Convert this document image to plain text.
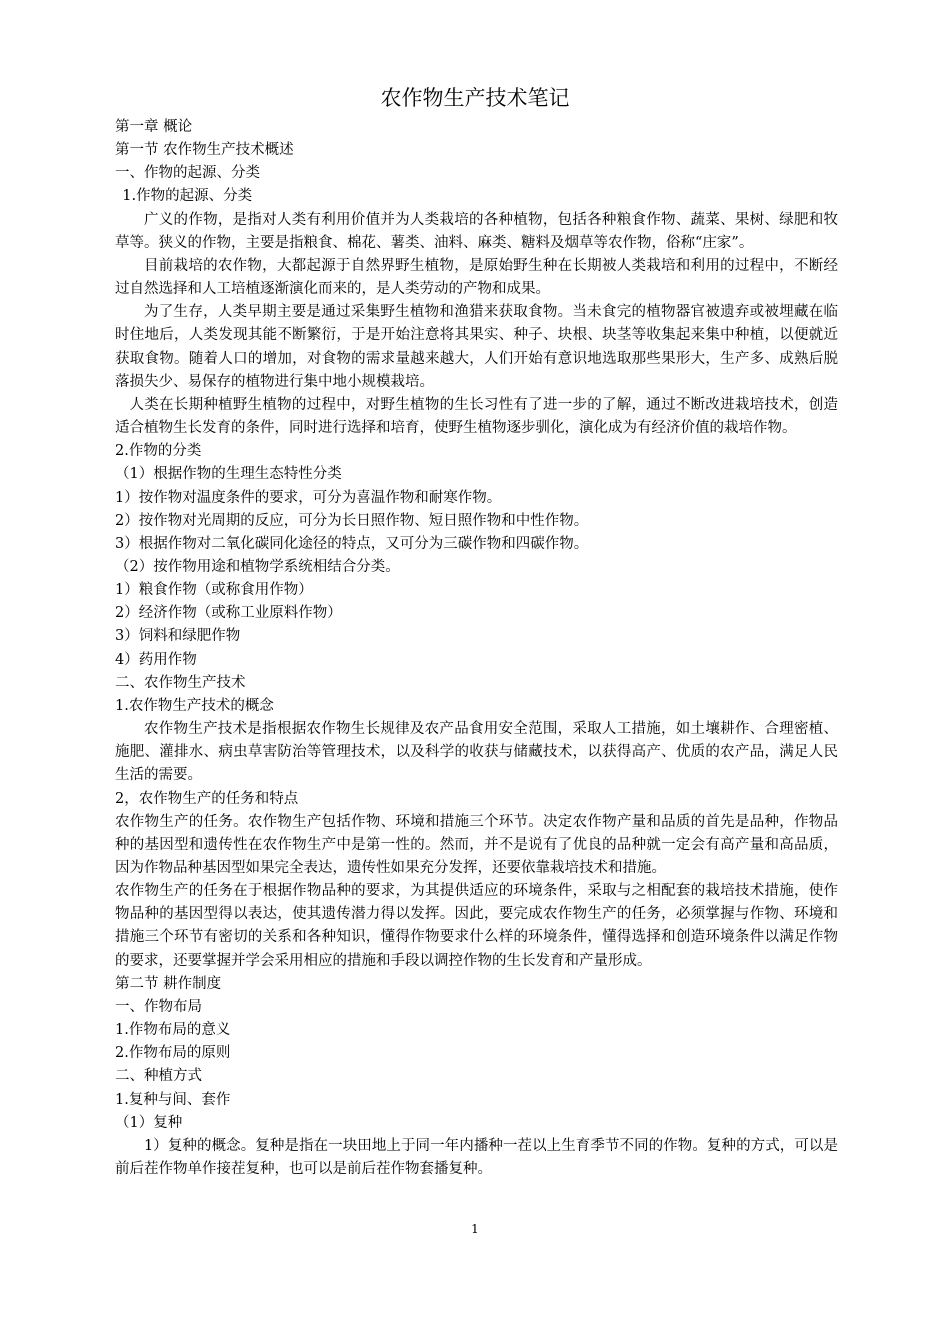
农作物生产技术笔记

第一章 概论

第一节 农作物生产技术概述

一、作物的起源、分类

1.作物的起源、分类

广义的作物，是指对人类有利用价值并为人类栽培的各种植物，包括各种粮食作物、蔬菜、果树、绿肥和牧草等。狭义的作物，主要是指粮食、棉花、薯类、油料、麻类、糖料及烟草等农作物，俗称“庄家”。

目前栽培的农作物，大都起源于自然界野生植物，是原始野生种在长期被人类栽培和利用的过程中，不断经过自然选择和人工培植逐渐演化而来的，是人类劳动的产物和成果。

为了生存，人类早期主要是通过采集野生植物和渔猎来获取食物。当未食完的植物器官被遗弃或被埋藏在临时住地后，人类发现其能不断繁衍，于是开始注意将其果实、种子、块根、块茎等收集起来集中种植，以便就近获取食物。随着人口的增加，对食物的需求量越来越大，人们开始有意识地选取那些果形大，生产多、成熟后脱落损失少、易保存的植物进行集中地小规模栽培。

人类在长期种植野生植物的过程中，对野生植物的生长习性有了进一步的了解，通过不断改进栽培技术，创造适合植物生长发育的条件，同时进行选择和培育，使野生植物逐步驯化，演化成为有经济价值的栽培作物。

2.作物的分类

（1）根据作物的生理生态特性分类

1）按作物对温度条件的要求，可分为喜温作物和耐寒作物。

2）按作物对光周期的反应，可分为长日照作物、短日照作物和中性作物。

3）根据作物对二氧化碳同化途径的特点，又可分为三碳作物和四碳作物。

（2）按作物用途和植物学系统相结合分类。

1）粮食作物（或称食用作物）

2）经济作物（或称工业原料作物）

3）饲料和绿肥作物

4）药用作物

二、农作物生产技术

1.农作物生产技术的概念

农作物生产技术是指根据农作物生长规律及农产品食用安全范围，采取人工措施，如土壤耕作、合理密植、施肥、灌排水、病虫草害防治等管理技术，以及科学的收获与储藏技术，以获得高产、优质的农产品，满足人民生活的需要。

2，农作物生产的任务和特点

农作物生产的任务。农作物生产包括作物、环境和措施三个环节。决定农作物产量和品质的首先是品种，作物品种的基因型和遗传性在农作物生产中是第一性的。然而，并不是说有了优良的品种就一定会有高产量和高品质，因为作物品种基因型如果完全表达，遗传性如果充分发挥，还要依靠栽培技术和措施。

农作物生产的任务在于根据作物品种的要求，为其提供适应的环境条件，采取与之相配套的栽培技术措施，使作物品种的基因型得以表达，使其遗传潜力得以发挥。因此，要完成农作物生产的任务，必须掌握与作物、环境和措施三个环节有密切的关系和各种知识，懂得作物要求什么样的环境条件，懂得选择和创造环境条件以满足作物的要求，还要掌握并学会采用相应的措施和手段以调控作物的生长发育和产量形成。

第二节 耕作制度

一、作物布局

1.作物布局的意义

2.作物布局的原则

二、种植方式

1.复种与间、套作

（1）复种

1）复种的概念。复种是指在一块田地上于同一年内播种一茬以上生育季节不同的作物。复种的方式，可以是前后茬作物单作接茬复种，也可以是前后茬作物套播复种。

1
